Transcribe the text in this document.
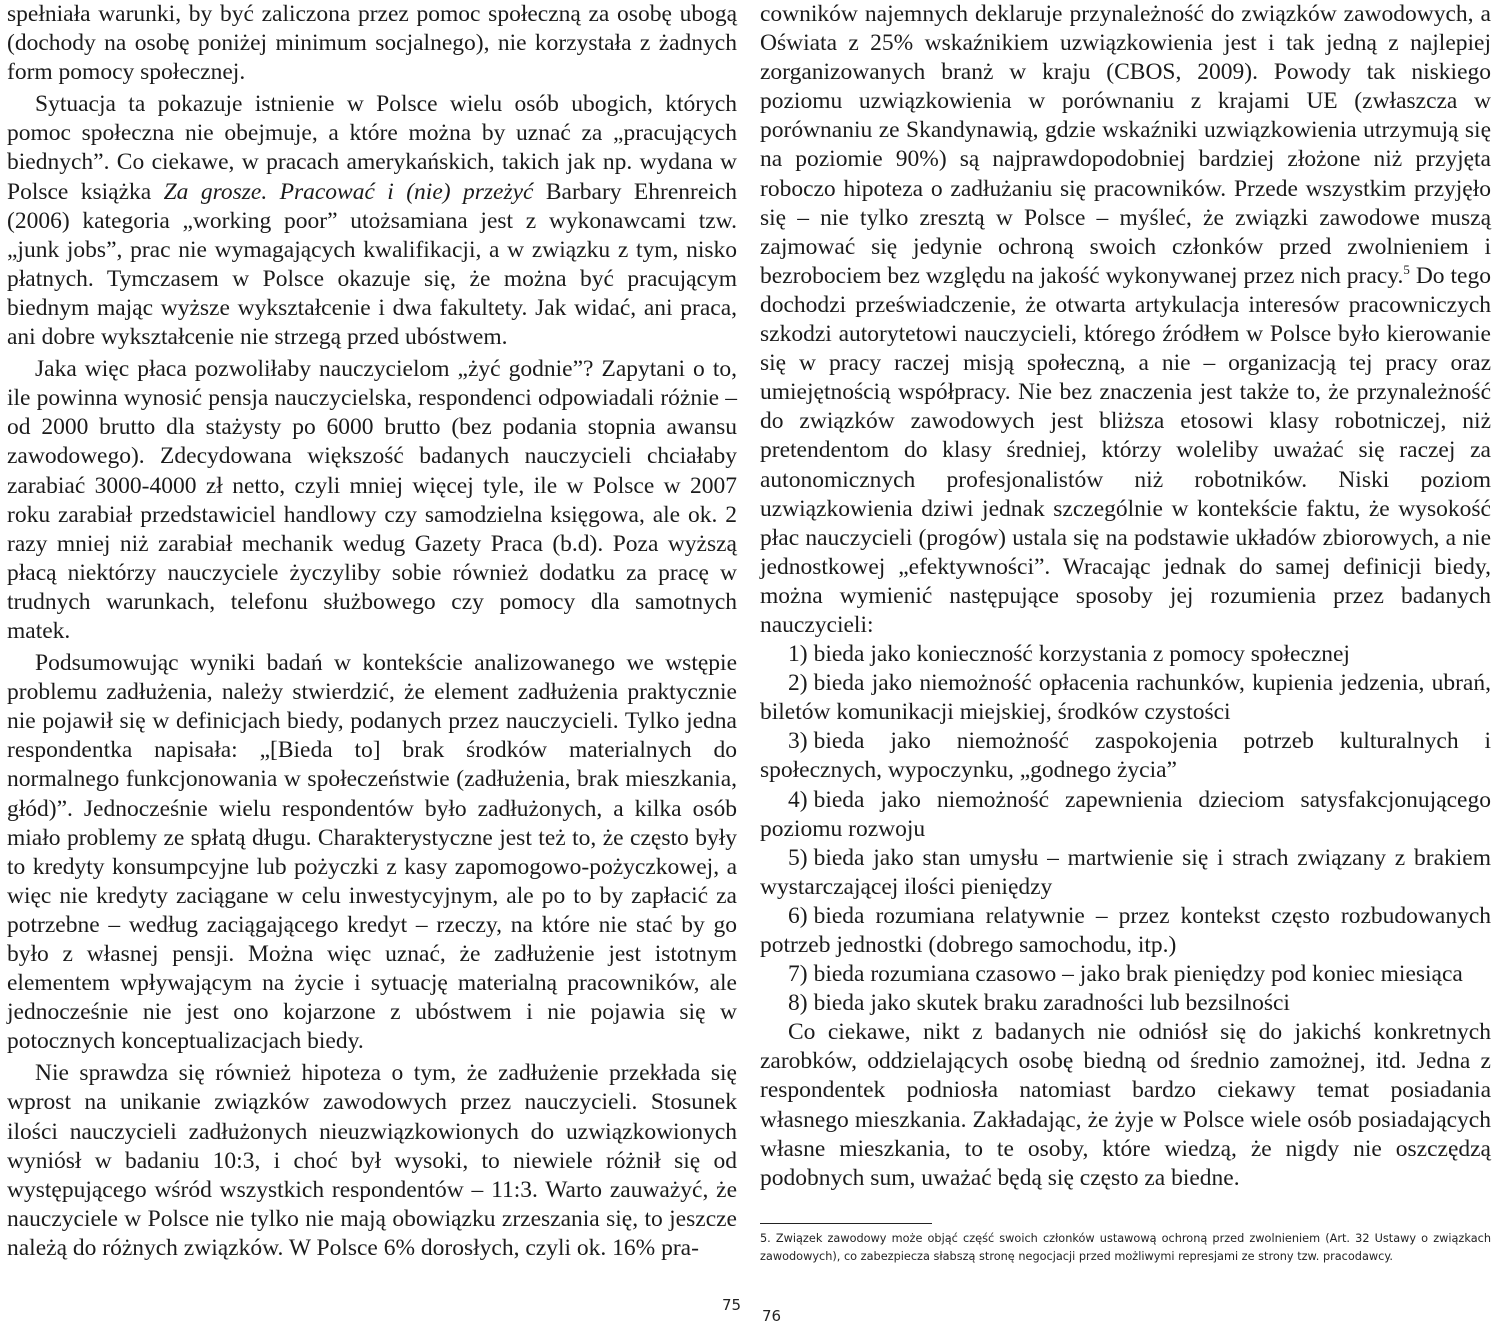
spełniała warunki, by być zaliczona przez pomoc społeczną za osobę ubogą (dochody na osobę poniżej minimum socjalnego), nie korzystała z żadnych form pomocy społecznej.

Sytuacja ta pokazuje istnienie w Polsce wielu osób ubogich, których pomoc społeczna nie obejmuje, a które można by uznać za „pracujących biednych”. Co ciekawe, w pracach amerykańskich, takich jak np. wydana w Polsce książka Za grosze. Pracować i (nie) przeżyć Barbary Ehrenreich (2006) kategoria „working poor” utożsamiana jest z wykonawcami tzw. „junk jobs”, prac nie wymagających kwalifikacji, a w związku z tym, nisko płatnych. Tymczasem w Polsce okazuje się, że można być pracującym biednym mając wyższe wykształcenie i dwa fakultety. Jak widać, ani praca, ani dobre wykształcenie nie strzegą przed ubóstwem.

Jaka więc płaca pozwoliłaby nauczycielom „żyć godnie”? Zapytani o to, ile powinna wynosić pensja nauczycielska, respondenci odpowiadali różnie – od 2000 brutto dla stażysty po 6000 brutto (bez podania stopnia awansu zawodowego). Zdecydowana większość badanych nauczycieli chciałaby zarabiać 3000-4000 zł netto, czyli mniej więcej tyle, ile w Polsce w 2007 roku zarabiał przedstawiciel handlowy czy samodzielna księgowa, ale ok. 2 razy mniej niż zarabiał mechanik wedug Gazety Praca (b.d). Poza wyższą płacą niektórzy nauczyciele życzyliby sobie również dodatku za pracę w trudnych warunkach, telefonu służbowego czy pomocy dla samotnych matek.

Podsumowując wyniki badań w kontekście analizowanego we wstępie problemu zadłużenia, należy stwierdzić, że element zadłużenia praktycznie nie pojawił się w definicjach biedy, podanych przez nauczycieli. Tylko jedna respondentka napisała: „[Bieda to] brak środków materialnych do normalnego funkcjonowania w społeczeństwie (zadłużenia, brak mieszkania, głód)”. Jednocześnie wielu respondentów było zadłużonych, a kilka osób miało problemy ze spłatą długu. Charakterystyczne jest też to, że często były to kredyty konsumpcyjne lub pożyczki z kasy zapomogowo-pożyczkowej, a więc nie kredyty zaciągane w celu inwestycyjnym, ale po to by zapłacić za potrzebne – według zaciągającego kredyt – rzeczy, na które nie stać by go było z własnej pensji. Można więc uznać, że zadłużenie jest istotnym elementem wpływającym na życie i sytuację materialną pracowników, ale jednocześnie nie jest ono kojarzone z ubóstwem i nie pojawia się w potocznych konceptualizacjach biedy.

Nie sprawdza się również hipoteza o tym, że zadłużenie przekłada się wprost na unikanie związków zawodowych przez nauczycieli. Stosunek ilości nauczycieli zadłużonych nieuzwiązkowionych do uzwiązkowionych wyniósł w badaniu 10:3, i choć był wysoki, to niewiele różnił się od występującego wśród wszystkich respondentów – 11:3. Warto zauważyć, że nauczyciele w Polsce nie tylko nie mają obowiązku zrzeszania się, to jeszcze należą do różnych związków. W Polsce 6% dorosłych, czyli ok. 16% pra-

cowników najemnych deklaruje przynależność do związków zawodowych, a Oświata z 25% wskaźnikiem uzwiązkowienia jest i tak jedną z najlepiej zorganizowanych branż w kraju (CBOS, 2009). Powody tak niskiego poziomu uzwiązkowienia w porównaniu z krajami UE (zwłaszcza w porównaniu ze Skandynawią, gdzie wskaźniki uzwiązkowienia utrzymują się na poziomie 90%) są najprawdopodobniej bardziej złożone niż przyjęta roboczo hipoteza o zadłużaniu się pracowników. Przede wszystkim przyjęło się – nie tylko zresztą w Polsce – myśleć, że związki zawodowe muszą zajmować się jedynie ochroną swoich członków przed zwolnieniem i bezrobociem bez względu na jakość wykonywanej przez nich pracy.$^5$ Do tego dochodzi przeświadczenie, że otwarta artykulacja interesów pracowniczych szkodzi autorytetowi nauczycieli, którego źródłem w Polsce było kierowanie się w pracy raczej misją społeczną, a nie – organizacją tej pracy oraz umiejętnością współpracy. Nie bez znaczenia jest także to, że przynależność do związków zawodowych jest bliższa etosowi klasy robotniczej, niż pretendentom do klasy średniej, którzy woleliby uważać się raczej za autonomicznych profesjonalistów niż robotników. Niski poziom uzwiązkowienia dziwi jednak szczególnie w kontekście faktu, że wysokość płac nauczycieli (progów) ustala się na podstawie układów zbiorowych, a nie jednostkowej „efektywności”. Wracając jednak do samej definicji biedy, można wymienić następujące sposoby jej rozumienia przez badanych nauczycieli:

1) bieda jako konieczność korzystania z pomocy społecznej
2) bieda jako niemożność opłacenia rachunków, kupienia jedzenia, ubrań, biletów komunikacji miejskiej, środków czystości
3) bieda jako niemożność zaspokojenia potrzeb kulturalnych i społecznych, wypoczynku, „godnego życia”
4) bieda jako niemożność zapewnienia dzieciom satysfakcjonującego poziomu rozwoju
5) bieda jako stan umysłu – martwienie się i strach związany z brakiem wystarczającej ilości pieniędzy
6) bieda rozumiana relatywnie – przez kontekst często rozbudowanych potrzeb jednostki (dobrego samochodu, itp.)
7) bieda rozumiana czasowo – jako brak pieniędzy pod koniec miesiąca
8) bieda jako skutek braku zaradności lub bezsilności

Co ciekawe, nikt z badanych nie odniósł się do jakichś konkretnych zarobków, oddzielających osobę biedną od średnio zamożnej, itd. Jedna z respondentek podniosła natomiast bardzo ciekawy temat posiadania własnego mieszkania. Zakładając, że żyje w Polsce wiele osób posiadających własne mieszkania, to te osoby, które wiedzą, że nigdy nie oszczędzą podobnych sum, uważać będą się często za biedne.

5. Związek zawodowy może objąć część swoich członków ustawową ochroną przed zwolnieniem (Art. 32 Ustawy o związkach zawodowych), co zabezpiecza słabszą stronę negocjacji przed możliwymi represjami ze strony tzw. pracodawcy.
75
76
